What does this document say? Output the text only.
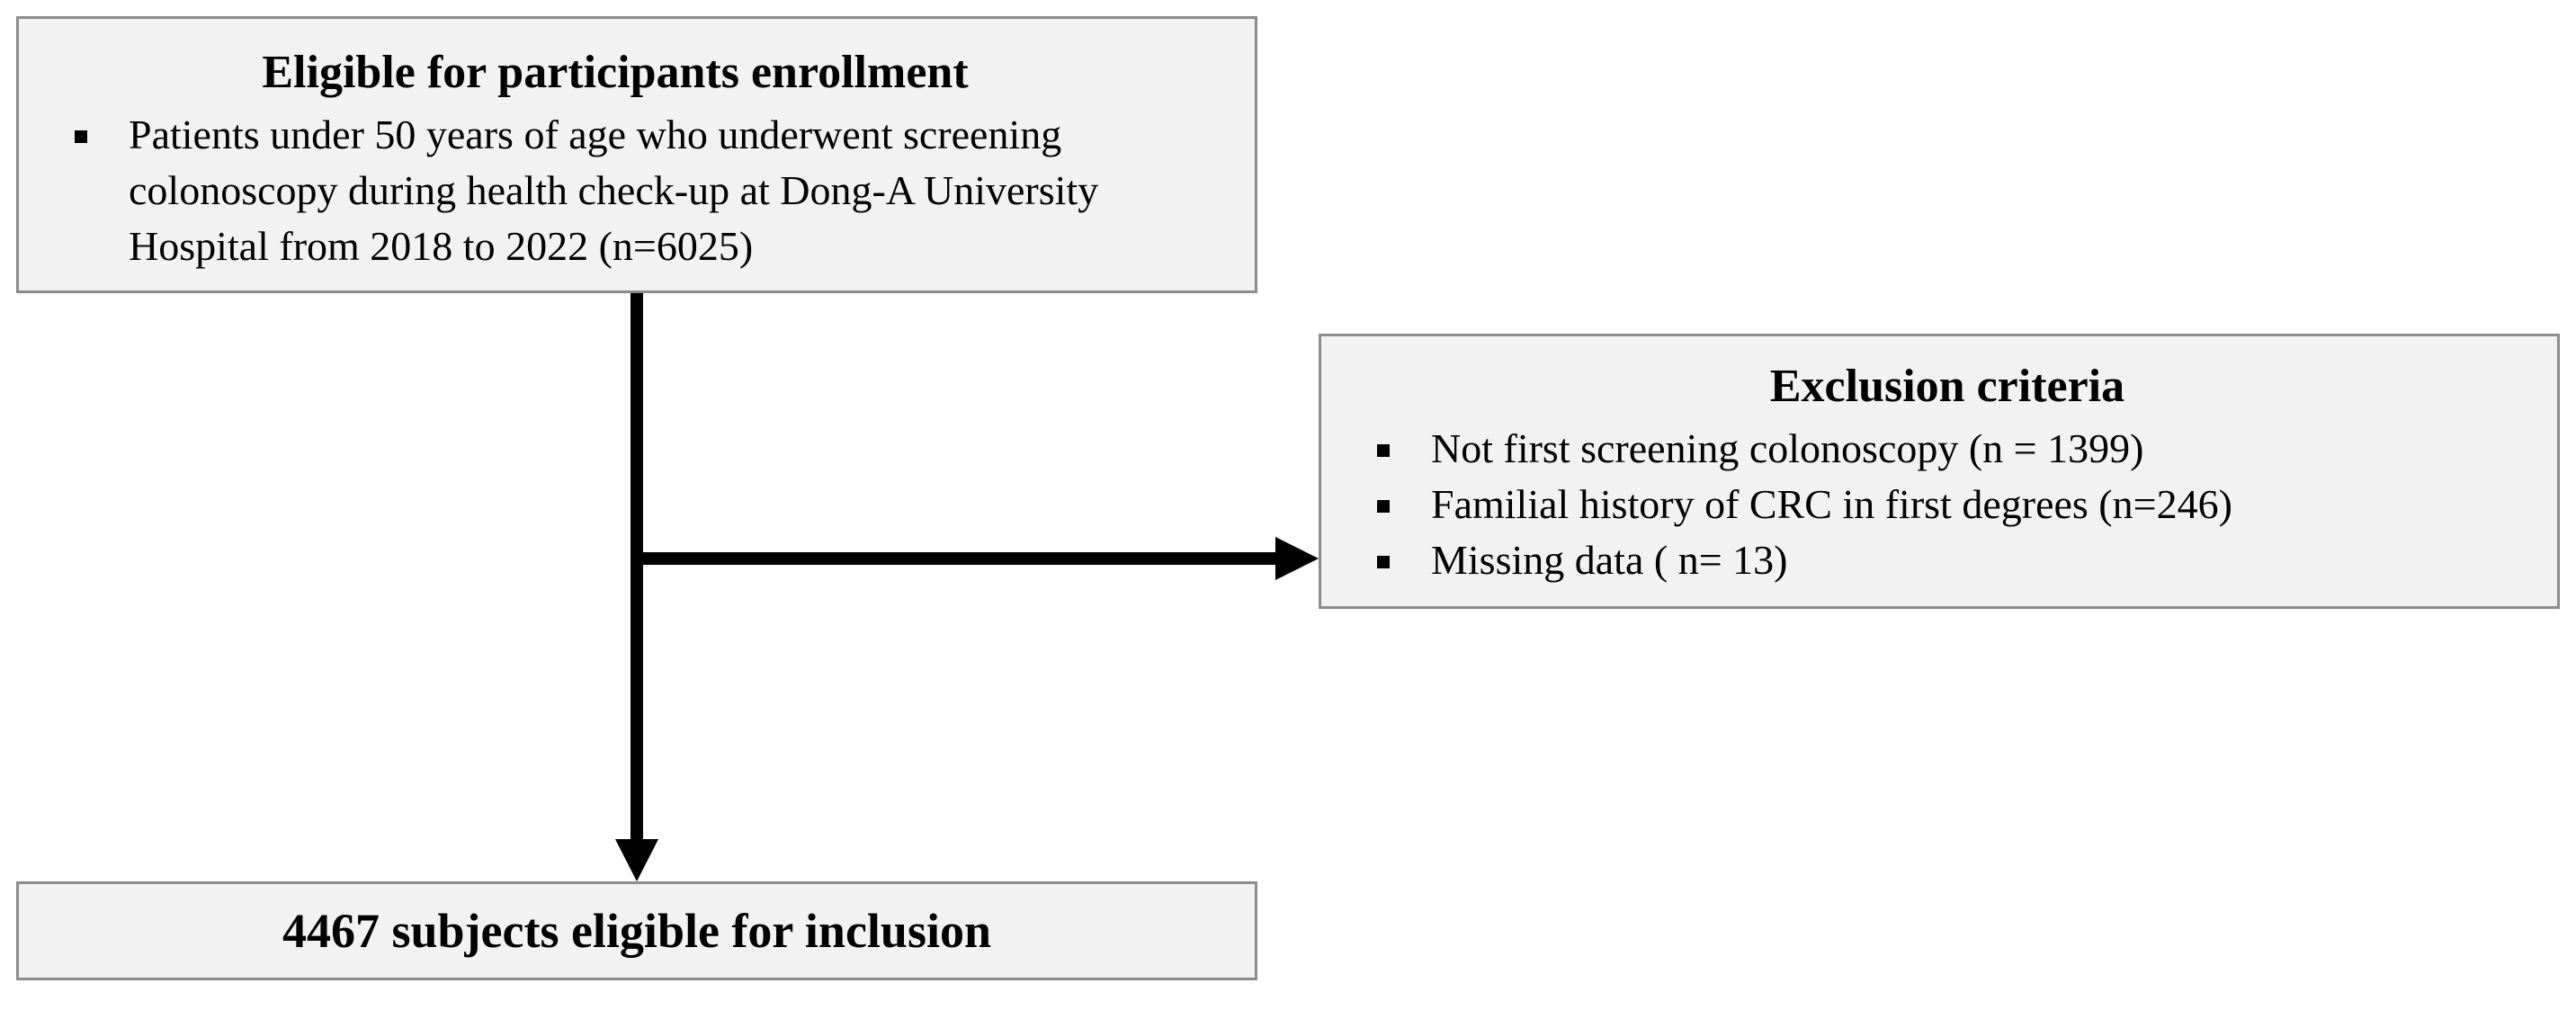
Eligible for participants enrollment

Patients under 50 years of age who underwent screening colonoscopy during health check-up at Dong-A University Hospital from 2018 to 2022 (n=6025)

Exclusion criteria

Not first screening colonoscopy (n = 1399)
Familial history of CRC in first degrees (n=246)
Missing data ( n= 13)

4467 subjects eligible for inclusion
